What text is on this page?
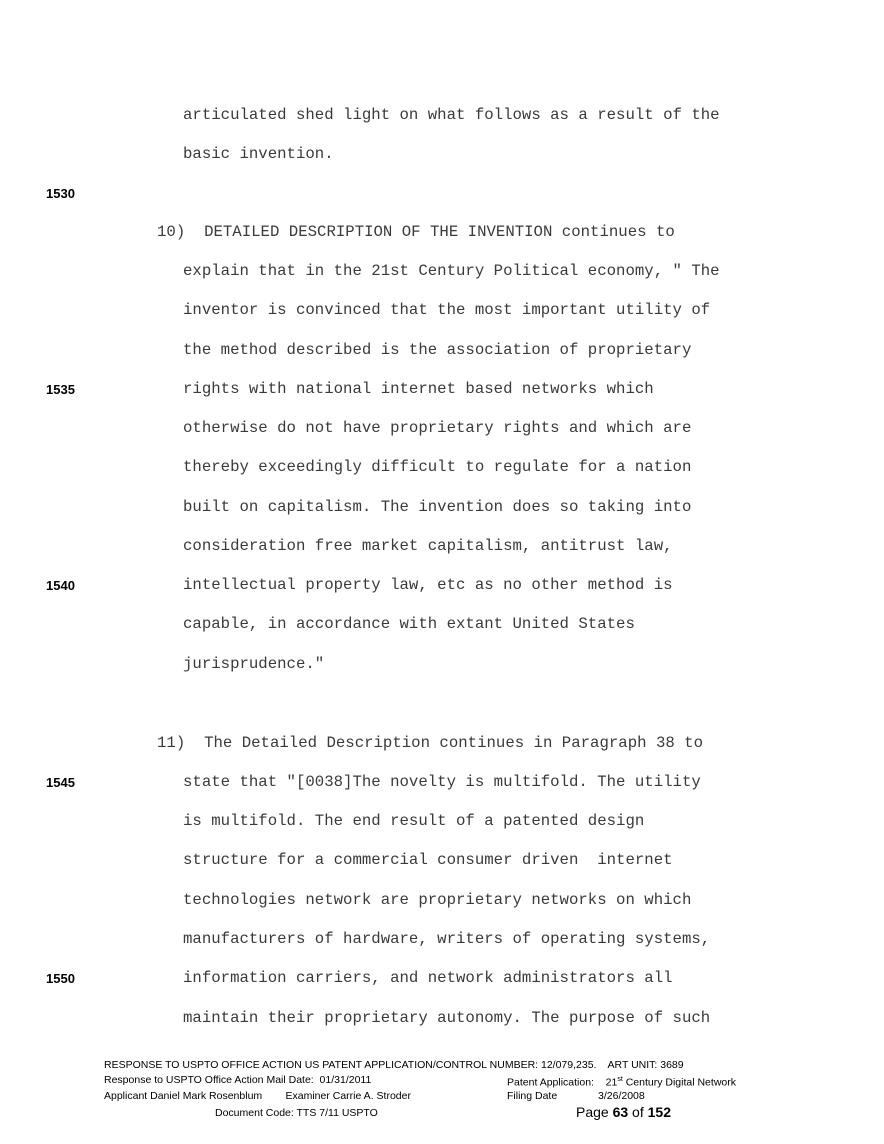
articulated shed light on what follows as a result of the
basic invention.
10)  DETAILED DESCRIPTION OF THE INVENTION continues to
explain that in the 21st Century Political economy, " The
inventor is convinced that the most important utility of
the method described is the association of proprietary
rights with national internet based networks which
otherwise do not have proprietary rights and which are
thereby exceedingly difficult to regulate for a nation
built on capitalism. The invention does so taking into
consideration free market capitalism, antitrust law,
intellectual property law, etc as no other method is
capable, in accordance with extant United States
jurisprudence."
11)  The Detailed Description continues in Paragraph 38 to
state that "[0038]The novelty is multifold. The utility
is multifold. The end result of a patented design
structure for a commercial consumer driven  internet
technologies network are proprietary networks on which
manufacturers of hardware, writers of operating systems,
information carriers, and network administrators all
maintain their proprietary autonomy. The purpose of such
1530
1535
1540
1545
1550
RESPONSE TO USPTO OFFICE ACTION US PATENT APPLICATION/CONTROL NUMBER: 12/079,235.    ART UNIT: 3689
Response to USPTO Office Action Mail Date:  01/31/2011	Patent Application:    21st Century Digital Network
Applicant Daniel Mark Rosenblum        Examiner Carrie A. Stroder	Filing Date              3/26/2008
Document Code: TTS 7/11 USPTO	Page 63 of 152
